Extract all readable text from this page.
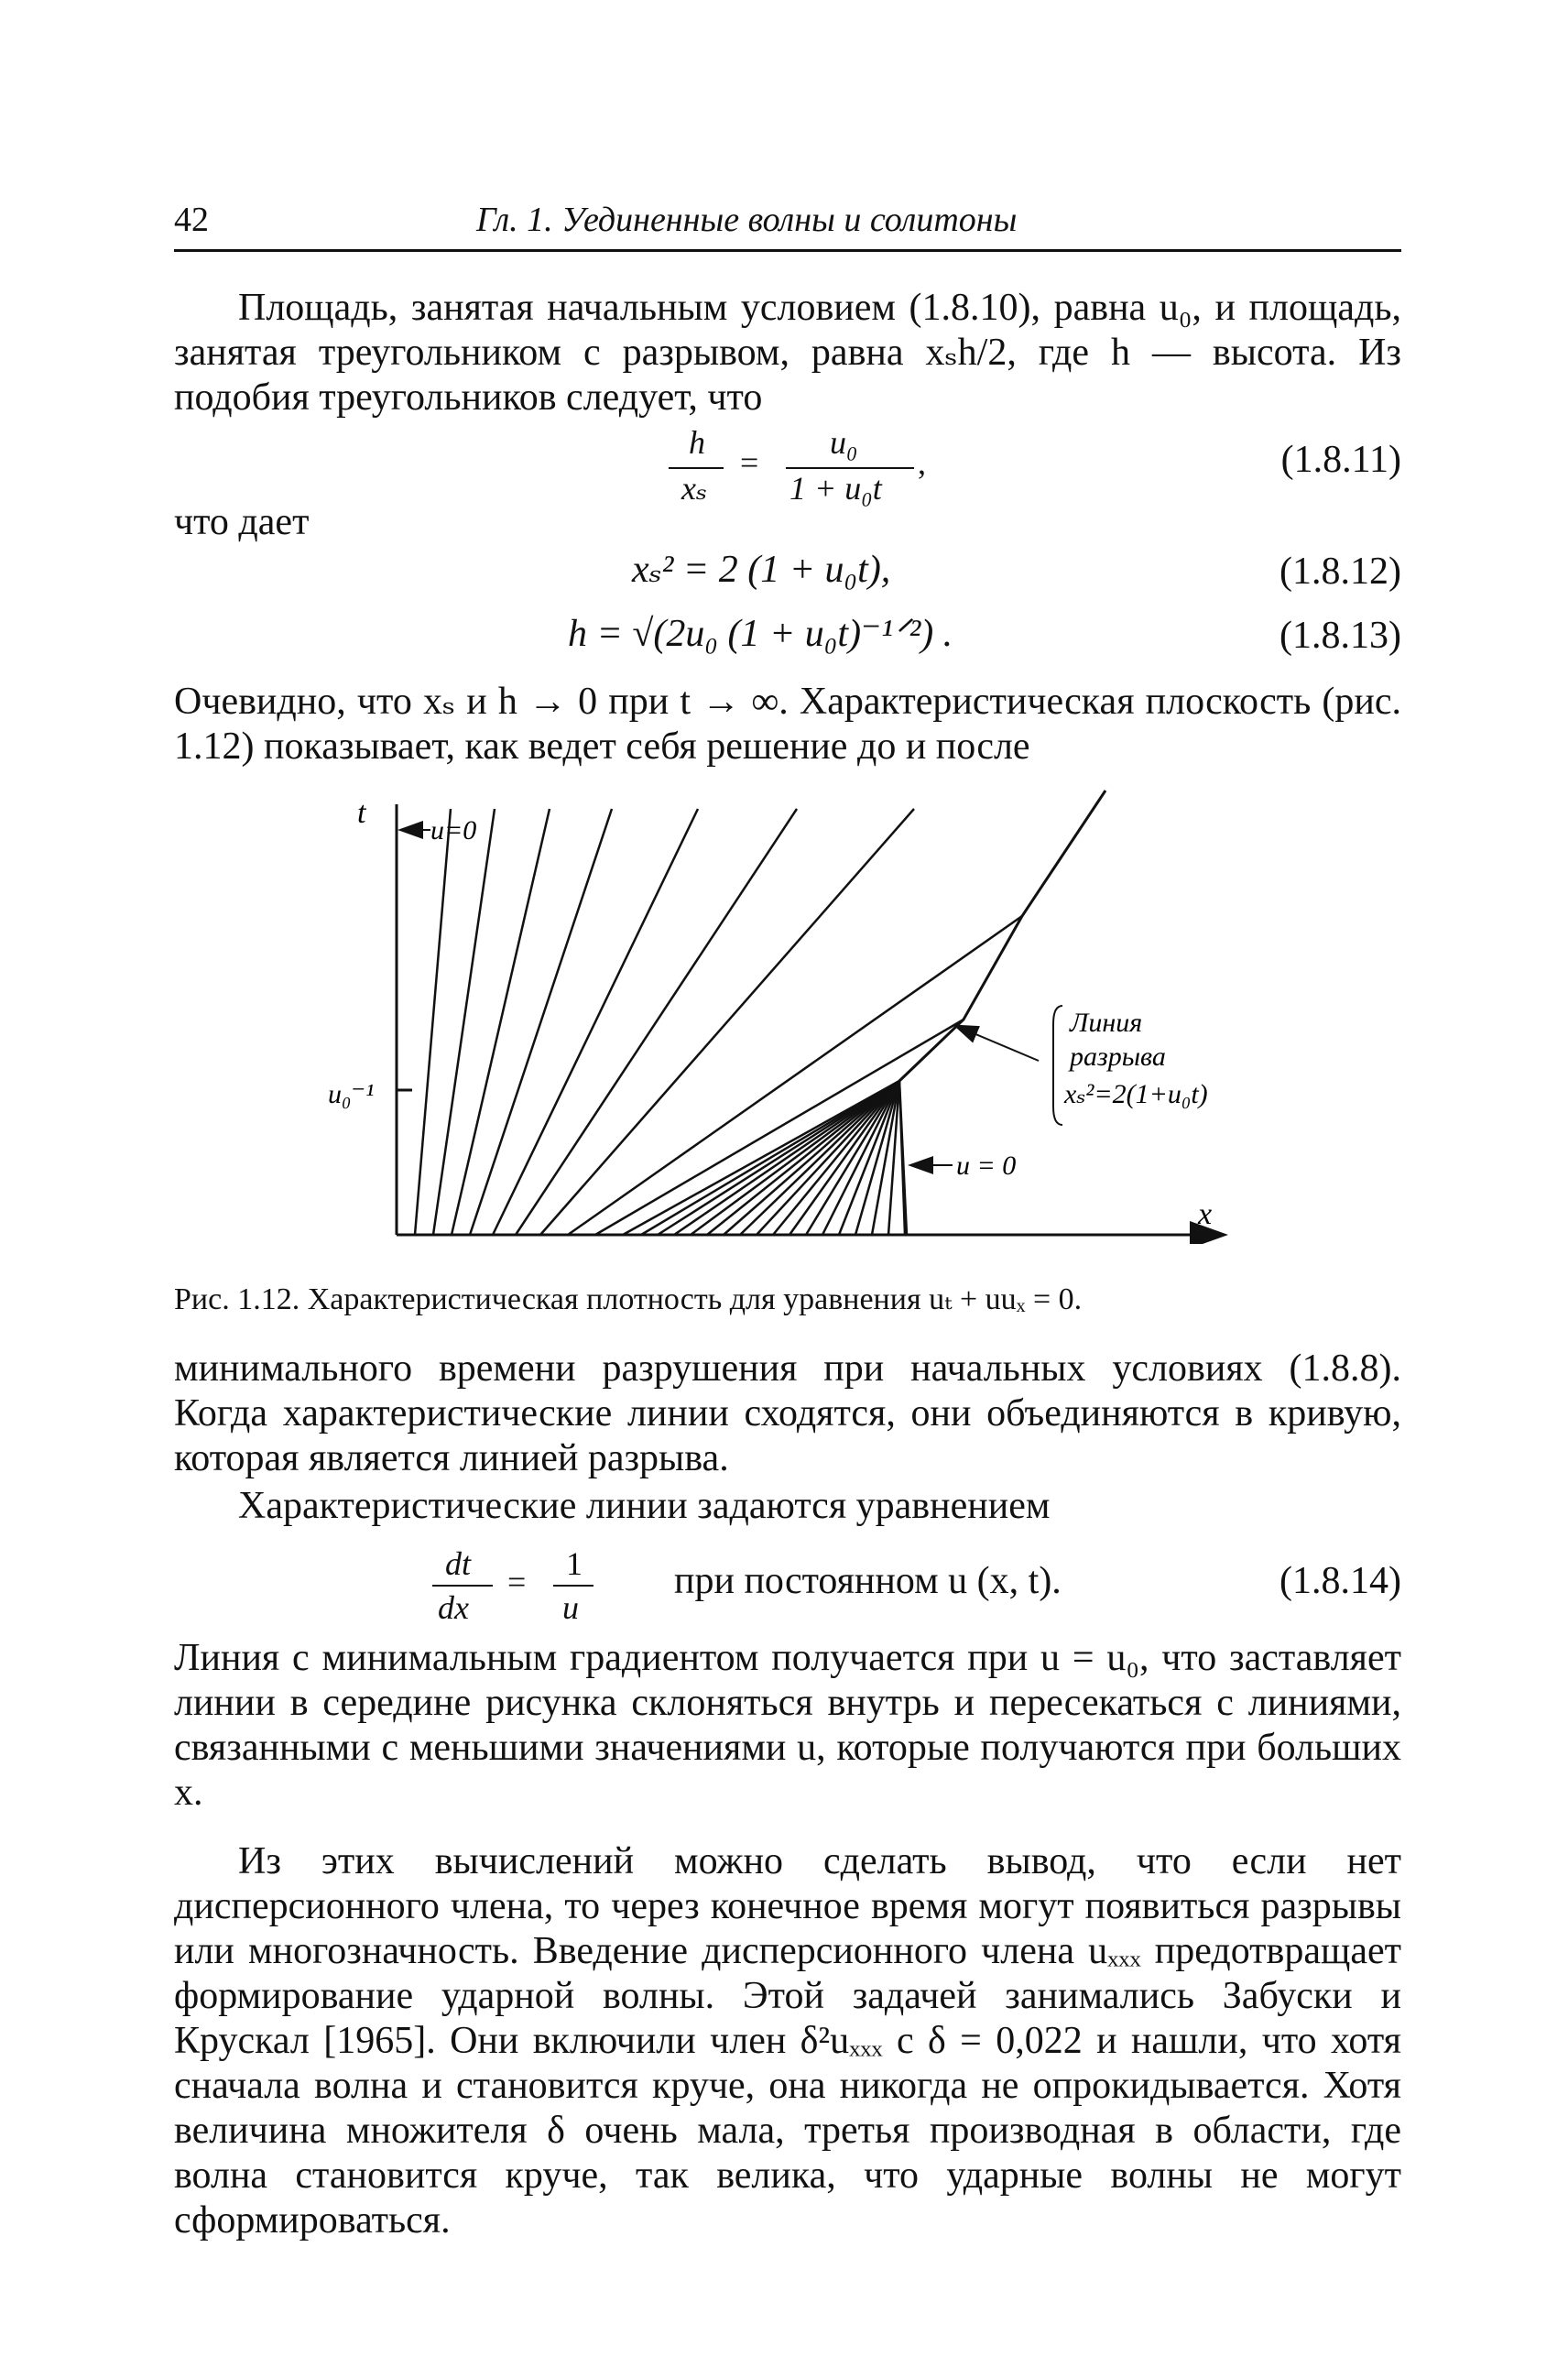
42	Гл. 1. Уединенные волны и солитоны

Площадь, занятая начальным условием (1.8.10), равна u₀, и площадь, занятая треугольником с разрывом, равна xₛh/2, где h — высота. Из подобия треугольников следует, что

h
xₛ
=
u₀
1 + u₀t
,	(1.8.11)
что дает
xₛ² = 2 (1 + u₀t),	(1.8.12)
h = √(2u₀ (1 + u₀t)⁻¹ᐟ²) .	(1.8.13)

Очевидно, что xₛ и h → 0 при t → ∞. Характеристическая плоскость (рис. 1.12) показывает, как ведет себя решение до и после

t
x
u₀⁻¹
u=0
Линия
разрыва
xₛ²=2(1+u₀t)
u = 0
Рис. 1.12. Характеристическая плотность для уравнения uₜ + uuₓ = 0.

минимального времени разрушения при начальных условиях (1.8.8). Когда характеристические линии сходятся, они объединяются в кривую, которая является линией разрыва.

Характеристические линии задаются уравнением

dt
dx
= 1
u
при постоянном u (x, t).	(1.8.14)

Линия с минимальным градиентом получается при u = u₀, что заставляет линии в середине рисунка склоняться внутрь и пересекаться с линиями, связанными с меньшими значениями u, которые получаются при больших x.

Из этих вычислений можно сделать вывод, что если нет дисперсионного члена, то через конечное время могут появиться разрывы или многозначность. Введение дисперсионного члена uₓₓₓ предотвращает формирование ударной волны. Этой задачей занимались Забуски и Крускал [1965]. Они включили член δ²uₓₓₓ с δ = 0,022 и нашли, что хотя сначала волна и становится круче, она никогда не опрокидывается. Хотя величина множителя δ очень мала, третья производная в области, где волна становится круче, так велика, что ударные волны не могут сформироваться.
